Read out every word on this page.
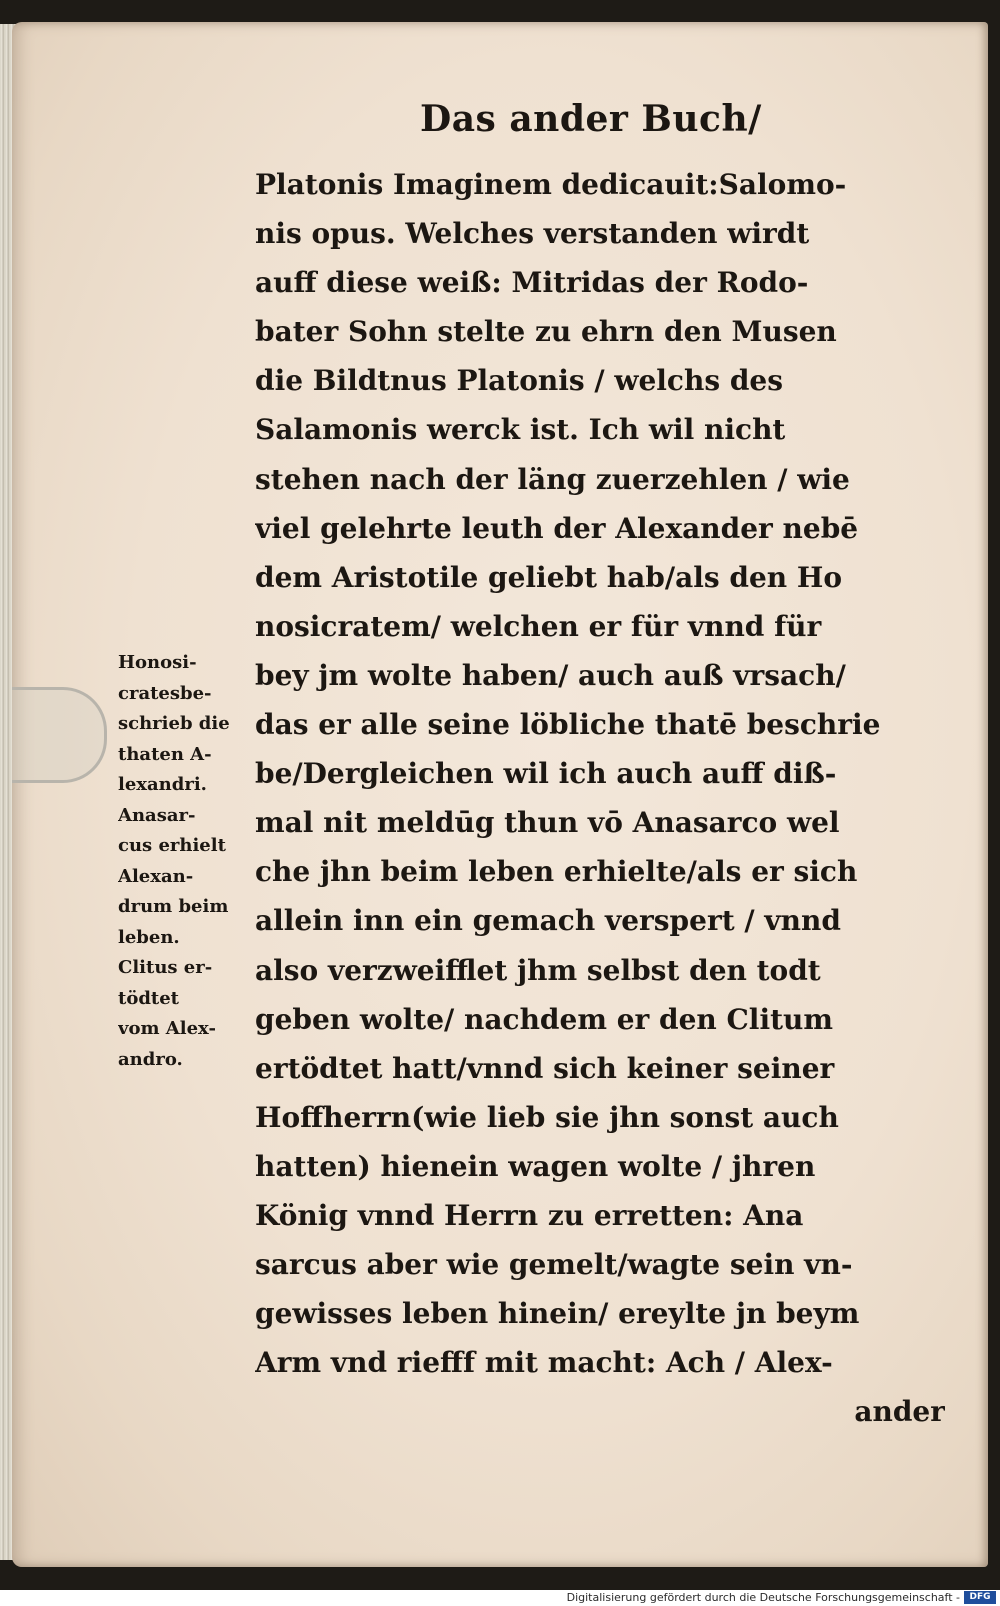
Das ander Buch/
Platonis Imaginem dedicauit:Salomo-
nis opus. Welches verstanden wirdt
auff diese weiß: Mitridas der Rodo-
bater Sohn stelte zu ehrn den Musen
die Bildtnus Platonis / welchs des
Salamonis werck ist. Ich wil nicht
stehen nach der läng zuerzehlen / wie
viel gelehrte leuth der Alexander nebē
dem Aristotile geliebt hab/als den Ho
nosicratem/ welchen er für vnnd für
bey jm wolte haben/ auch auß vrsach/
das er alle seine löbliche thatē beschrie
be/Dergleichen wil ich auch auff diß-
mal nit meldūg thun vō Anasarco wel
che jhn beim leben erhielte/als er sich
allein inn ein gemach verspert / vnnd
also verzweifflet jhm selbst den todt
geben wolte/ nachdem er den Clitum
ertödtet hatt/vnnd sich keiner seiner
Hoffherrn(wie lieb sie jhn sonst auch
hatten) hienein wagen wolte / jhren
König vnnd Herrn zu erretten: Ana
sarcus aber wie gemelt/wagte sein vn-
gewisses leben hinein/ ereylte jn beym
Arm vnd riefff mit macht: Ach / Alex-
ander
Honosi-
cratesbe-
schrieb die
thaten A-
lexandri.
Anasar-
cus erhielt
Alexan-
drum beim
leben.
Clitus er-
tödtet
vom Alex-
andro.
Digitalisierung gefördert durch die Deutsche Forschungsgemeinschaft -	DFG
